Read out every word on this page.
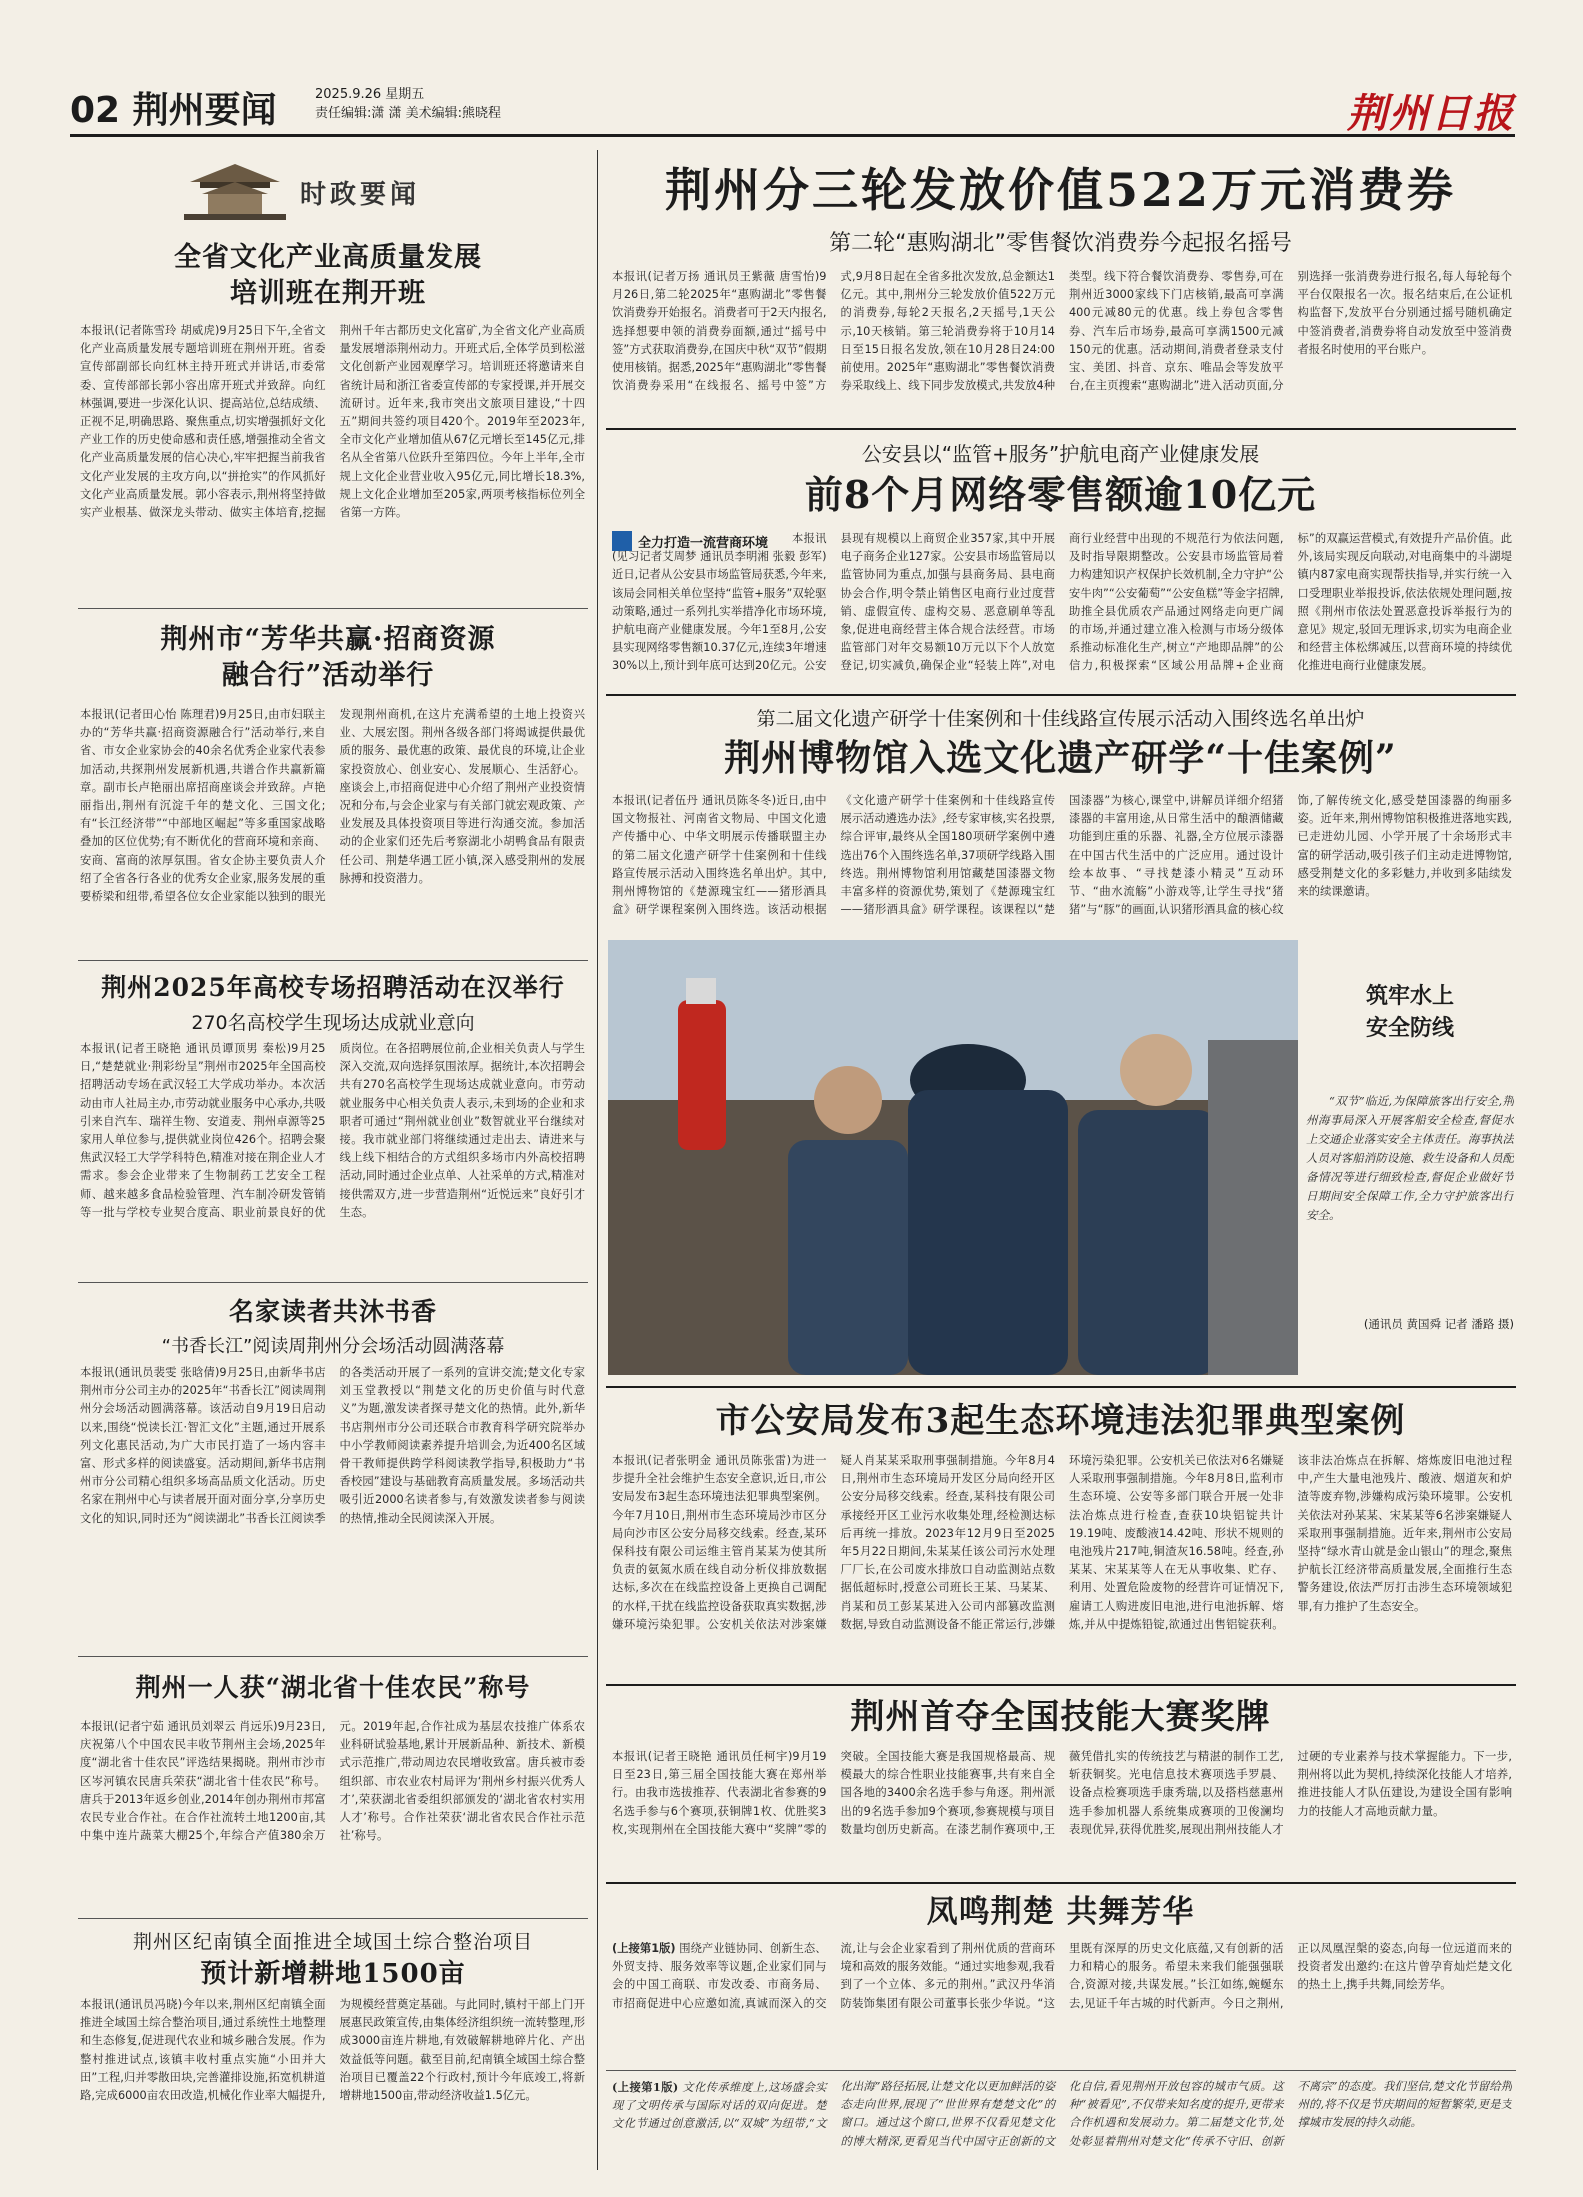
02 荆州要闻	2025.9.26 星期五
责任编辑:潇 潇 美术编辑:熊晓程	荆州日报
时政要闻
全省文化产业高质量发展
培训班在荆开班
本报讯(记者陈雪玲 胡威虎)9月25日下午,全省文化产业高质量发展专题培训班在荆州开班。省委宣传部副部长向红林主持开班式并讲话,市委常委、宣传部部长郭小容出席开班式并致辞。向红林强调,要进一步深化认识、提高站位,总结成绩、正视不足,明确思路、聚焦重点,切实增强抓好文化产业工作的历史使命感和责任感,增强推动全省文化产业高质量发展的信心决心,牢牢把握当前我省文化产业发展的主攻方向,以“拼抢实”的作风抓好文化产业高质量发展。郭小容表示,荆州将坚持做实产业根基、做深龙头带动、做实主体培育,挖掘荆州千年古都历史文化富矿,为全省文化产业高质量发展增添荆州动力。开班式后,全体学员到松滋文化创新产业园观摩学习。培训班还将邀请来自省统计局和浙江省委宣传部的专家授课,并开展交流研讨。近年来,我市突出文旅项目建设,“十四五”期间共签约项目420个。2019年至2023年,全市文化产业增加值从67亿元增长至145亿元,排名从全省第八位跃升至第四位。今年上半年,全市规上文化企业营业收入95亿元,同比增长18.3%,规上文化企业增加至205家,两项考核指标位列全省第一方阵。
荆州市“芳华共赢·招商资源
融合行”活动举行
本报讯(记者田心怡 陈理君)9月25日,由市妇联主办的“芳华共赢·招商资源融合行”活动举行,来自省、市女企业家协会的40余名优秀企业家代表参加活动,共探荆州发展新机遇,共谱合作共赢新篇章。副市长卢艳丽出席招商座谈会并致辞。卢艳丽指出,荆州有沉淀千年的楚文化、三国文化;有“长江经济带”“中部地区崛起”等多重国家战略叠加的区位优势;有不断优化的营商环境和亲商、安商、富商的浓厚氛围。省女企协主要负责人介绍了全省各行各业的优秀女企业家,服务发展的重要桥梁和纽带,希望各位女企业家能以独到的眼光发现荆州商机,在这片充满希望的土地上投资兴业、大展宏图。荆州各级各部门将竭诚提供最优质的服务、最优惠的政策、最优良的环境,让企业家投资放心、创业安心、发展顺心、生活舒心。座谈会上,市招商促进中心介绍了荆州产业投资情况和分布,与会企业家与有关部门就宏观政策、产业发展及具体投资项目等进行沟通交流。参加活动的企业家们还先后考察湖北小胡鸭食品有限责任公司、荆楚华遇工匠小镇,深入感受荆州的发展脉搏和投资潜力。
荆州2025年高校专场招聘活动在汉举行
270名高校学生现场达成就业意向
本报讯(记者王晓艳 通讯员谭顶男 秦松)9月25日,“楚楚就业·荆彩纷呈”荆州市2025年全国高校招聘活动专场在武汉轻工大学成功举办。本次活动由市人社局主办,市劳动就业服务中心承办,共吸引来自汽车、瑞祥生物、安道麦、荆州卓源等25家用人单位参与,提供就业岗位426个。招聘会聚焦武汉轻工大学学科特色,精准对接在荆企业人才需求。参会企业带来了生物制药工艺安全工程师、越来越多食品检验管理、汽车制冷研发管销等一批与学校专业契合度高、职业前景良好的优质岗位。在各招聘展位前,企业相关负责人与学生深入交流,双向选择氛围浓厚。据统计,本次招聘会共有270名高校学生现场达成就业意向。市劳动就业服务中心相关负责人表示,未到场的企业和求职者可通过“荆州就业创业”数智就业平台继续对接。我市就业部门将继续通过走出去、请进来与线上线下相结合的方式组织多场市内外高校招聘活动,同时通过企业点单、人社采单的方式,精准对接供需双方,进一步营造荆州“近悦远来”良好引才生态。
名家读者共沐书香
“书香长江”阅读周荆州分会场活动圆满落幕
本报讯(通讯员裴雯 张晗倩)9月25日,由新华书店荆州市分公司主办的2025年“书香长江”阅读周荆州分会场活动圆满落幕。该活动自9月19日启动以来,围绕“悦读长江·智汇文化”主题,通过开展系列文化惠民活动,为广大市民打造了一场内容丰富、形式多样的阅读盛宴。活动期间,新华书店荆州市分公司精心组织多场高品质文化活动。历史名家在荆州中心与读者展开面对面分享,分享历史文化的知识,同时还为“阅读湖北”书香长江阅读季的各类活动开展了一系列的宣讲交流;楚文化专家刘玉堂教授以“荆楚文化的历史价值与时代意义”为题,激发读者探寻楚文化的热情。此外,新华书店荆州市分公司还联合市教育科学研究院举办中小学教师阅读素养提升培训会,为近400名区域骨干教师提供跨学科阅读教学指导,积极助力“书香校园”建设与基础教育高质量发展。多场活动共吸引近2000名读者参与,有效激发读者参与阅读的热情,推动全民阅读深入开展。
荆州一人获“湖北省十佳农民”称号
本报讯(记者宁茹 通讯员刘翠云 肖远乐)9月23日,庆祝第八个中国农民丰收节荆州主会场,2025年度“湖北省十佳农民”评选结果揭晓。荆州市沙市区岑河镇农民唐兵荣获“湖北省十佳农民”称号。唐兵于2013年返乡创业,2014年创办荆州市邦富农民专业合作社。在合作社流转土地1200亩,其中集中连片蔬菜大棚25个,年综合产值380余万元。2019年起,合作社成为基层农技推广体系农业科研试验基地,累计开展新品种、新技术、新模式示范推广,带动周边农民增收致富。唐兵被市委组织部、市农业农村局评为‘荆州乡村振兴优秀人才’,荣获湖北省委组织部颁发的‘湖北省农村实用人才’称号。合作社荣获‘湖北省农民合作社示范社’称号。
荆州区纪南镇全面推进全域国土综合整治项目
预计新增耕地1500亩
本报讯(通讯员冯晓)今年以来,荆州区纪南镇全面推进全域国土综合整治项目,通过系统性土地整理和生态修复,促进现代农业和城乡融合发展。作为整村推进试点,该镇丰收村重点实施“小田并大田”工程,归并零散田块,完善灌排设施,拓宽机耕道路,完成6000亩农田改造,机械化作业率大幅提升,为规模经营奠定基础。与此同时,镇村干部上门开展惠民政策宣传,由集体经济组织统一流转整理,形成3000亩连片耕地,有效破解耕地碎片化、产出效益低等问题。截至目前,纪南镇全域国土综合整治项目已覆盖22个行政村,预计今年底竣工,将新增耕地1500亩,带动经济收益1.5亿元。
荆州分三轮发放价值522万元消费券
第二轮“惠购湖北”零售餐饮消费券今起报名摇号
本报讯(记者万扬 通讯员王紫薇 唐雪怡)9月26日,第二轮2025年“惠购湖北”零售餐饮消费券开始报名。消费者可于2天内报名,选择想要申领的消费券面额,通过“摇号中签”方式获取消费券,在国庆中秋“双节”假期使用核销。据悉,2025年“惠购湖北”零售餐饮消费券采用“在线报名、摇号中签”方式,9月8日起在全省多批次发放,总金额达1亿元。其中,荆州分三轮发放价值522万元的消费券,每轮2天报名,2天摇号,1天公示,10天核销。第三轮消费券将于10月14日至15日报名发放,领在10月28日24:00前使用。2025年“惠购湖北”零售餐饮消费券采取线上、线下同步发放模式,共发放4种类型。线下符合餐饮消费券、零售券,可在荆州近3000家线下门店核销,最高可享满400元减80元的优惠。线上券包含零售券、汽车后市场券,最高可享满1500元减150元的优惠。活动期间,消费者登录支付宝、美团、抖音、京东、唯品会等发放平台,在主页搜索“惠购湖北”进入活动页面,分别选择一张消费券进行报名,每人每轮每个平台仅限报名一次。报名结束后,在公证机构监督下,发放平台分别通过摇号随机确定中签消费者,消费券将自动发放至中签消费者报名时使用的平台账户。
公安县以“监管+服务”护航电商产业健康发展
前8个月网络零售额逾10亿元
全力打造一流营商环境	本报讯(见习记者艾周梦 通讯员李明湘 张毅 彭军)近日,记者从公安县市场监管局获悉,今年来,该局会同相关单位坚持“监管+服务”双轮驱动策略,通过一系列扎实举措净化市场环境,护航电商产业健康发展。今年1至8月,公安县实现网络零售额10.37亿元,连续3年增速30%以上,预计到年底可达到20亿元。公安县现有规模以上商贸企业357家,其中开展电子商务企业127家。公安县市场监管局以监管协同为重点,加强与县商务局、县电商协会合作,明令禁止销售区电商行业过度营销、虚假宣传、虚构交易、恶意刷单等乱象,促进电商经营主体合规合法经营。市场监管部门对年交易额10万元以下个人放宽登记,切实减负,确保企业“轻装上阵”,对电商行业经营中出现的不规范行为依法问题,及时指导限期整改。公安县市场监管局着力构建知识产权保护长效机制,全力守护“公安牛肉”“公安葡萄”“公安鱼糕”等金字招牌,助推全县优质农产品通过网络走向更广阔的市场,并通过建立准入检测与市场分级体系推动标准化生产,树立“产地即品牌”的公信力,积极探索“区域公用品牌+企业商标”的双赢运营模式,有效提升产品价值。此外,该局实现反向联动,对电商集中的斗湖堤镇内87家电商实现帮扶指导,并实行统一入口受理职业举报投诉,依法依规处理问题,按照《荆州市依法处置恶意投诉举报行为的意见》规定,驳回无理诉求,切实为电商企业和经营主体松绑减压,以营商环境的持续优化推进电商行业健康发展。
第二届文化遗产研学十佳案例和十佳线路宣传展示活动入围终选名单出炉
荆州博物馆入选文化遗产研学“十佳案例”
本报讯(记者伍丹 通讯员陈冬冬)近日,由中国文物报社、河南省文物局、中国文化遗产传播中心、中华文明展示传播联盟主办的第二届文化遗产研学十佳案例和十佳线路宣传展示活动入围终选名单出炉。其中,荆州博物馆的《楚源瑰宝红——猪形酒具盒》研学课程案例入围终选。该活动根据《文化遗产研学十佳案例和十佳线路宣传展示活动遴选办法》,经专家审核,实名投票,综合评审,最终从全国180项研学案例中遴选出76个入围终选名单,37项研学线路入围终选。荆州博物馆利用馆藏楚国漆器文物丰富多样的资源优势,策划了《楚源瑰宝红——猪形酒具盒》研学课程。该课程以“楚国漆器”为核心,课堂中,讲解员详细介绍猪漆器的丰富用途,从日常生活中的酿酒储藏功能到庄重的乐器、礼器,全方位展示漆器在中国古代生活中的广泛应用。通过设计绘本故事、“寻找楚漆小精灵”互动环节、“曲水流觞”小游戏等,让学生寻找“猪猪”与“豚”的画面,认识猪形酒具盒的核心纹饰,了解传统文化,感受楚国漆器的绚丽多姿。近年来,荆州博物馆积极推进落地实践,已走进幼儿园、小学开展了十余场形式丰富的研学活动,吸引孩子们主动走进博物馆,感受荆楚文化的多彩魅力,并收到多陆续发来的续课邀请。
筑牢水上
安全防线
“双节”临近,为保障旅客出行安全,荆州海事局深入开展客船安全检查,督促水上交通企业落实安全主体责任。海事执法人员对客船消防设施、救生设备和人员配备情况等进行细致检查,督促企业做好节日期间安全保障工作,全力守护旅客出行安全。
(通讯员 黄国舜 记者 潘路 摄)
市公安局发布3起生态环境违法犯罪典型案例
本报讯(记者张明金 通讯员陈张雷)为进一步提升全社会维护生态安全意识,近日,市公安局发布3起生态环境违法犯罪典型案例。今年7月10日,荆州市生态环境局沙市区分局向沙市区公安分局移交线索。经查,某环保科技有限公司运维主管肖某某为使其所负责的氨氮水质在线自动分析仪排放数据达标,多次在在线监控设备上更换自己调配的水样,干扰在线监控设备获取真实数据,涉嫌环境污染犯罪。公安机关依法对涉案嫌疑人肖某某采取刑事强制措施。今年8月4日,荆州市生态环境局开发区分局向经开区公安分局移交线索。经查,某科技有限公司承接经开区工业污水收集处理,经检测达标后再统一排放。2023年12月9日至2025年5月22日期间,朱某某任该公司污水处理厂厂长,在公司废水排放口自动监测站点数据低超标时,授意公司班长王某、马某某、肖某和员工彭某某进入公司内部篡改监测数据,导致自动监测设备不能正常运行,涉嫌环境污染犯罪。公安机关已依法对6名嫌疑人采取刑事强制措施。今年8月8日,监利市生态环境、公安等多部门联合开展一处非法冶炼点进行检查,查获10块铝锭共计19.19吨、废酸液14.42吨、形状不规则的电池残片217吨,铜渣灰16.58吨。经查,孙某某、宋某某等人在无从事收集、贮存、利用、处置危险废物的经营许可证情况下,雇请工人购进废旧电池,进行电池拆解、熔炼,并从中提炼铅锭,欲通过出售铝锭获利。该非法冶炼点在拆解、熔炼废旧电池过程中,产生大量电池残片、酸液、烟道灰和炉渣等废弃物,涉嫌构成污染环境罪。公安机关依法对孙某某、宋某某等6名涉案嫌疑人采取刑事强制措施。近年来,荆州市公安局坚持“绿水青山就是金山银山”的理念,聚焦护航长江经济带高质量发展,全面推行生态警务建设,依法严厉打击涉生态环境领域犯罪,有力推护了生态安全。
荆州首夺全国技能大赛奖牌
本报讯(记者王晓艳 通讯员任柯宇)9月19日至23日,第三届全国技能大赛在郑州举行。由我市选拔推荐、代表湖北省参赛的9名选手参与6个赛项,获铜牌1枚、优胜奖3枚,实现荆州在全国技能大赛中“奖牌”零的突破。全国技能大赛是我国规格最高、规模最大的综合性职业技能赛事,共有来自全国各地的3400余名选手参与角逐。荆州派出的9名选手参加9个赛项,参赛规模与项目数量均创历史新高。在漆艺制作赛项中,王薇凭借扎实的传统技艺与精湛的制作工艺,斩获铜奖。光电信息技术赛项选手罗晨、设备点检赛项选手康秀瑞,以及搭档慈惠州选手参加机器人系统集成赛项的卫俊澜均表现优异,获得优胜奖,展现出荆州技能人才过硬的专业素养与技术掌握能力。下一步,荆州将以此为契机,持续深化技能人才培养,推进技能人才队伍建设,为建设全国有影响力的技能人才高地贡献力量。
凤鸣荆楚 共舞芳华
(上接第1版) 围绕产业链协同、创新生态、外贸支持、服务效率等议题,企业家们同与会的中国工商联、市发改委、市商务局、市招商促进中心应邀如流,真诚而深入的交流,让与会企业家看到了荆州优质的营商环境和高效的服务效能。“通过实地参观,我看到了一个立体、多元的荆州。”武汉丹华消防装饰集团有限公司董事长张少华说。“这里既有深厚的历史文化底蕴,又有创新的活力和精心的服务。希望未来我们能强强联合,资源对接,共谋发展。”长江如练,蜿蜒东去,见证千年古城的时代新声。今日之荆州,正以凤凰涅槃的姿态,向每一位远道而来的投资者发出邀约:在这片曾孕育灿烂楚文化的热土上,携手共舞,同绘芳华。
(上接第1版) 文化传承维度上,这场盛会实现了文明传承与国际对话的双向促进。楚文化节通过创意激活,以“双城”为纽带,“文化出海”路径拓展,让楚文化以更加鲜活的姿态走向世界,展现了“世世界有楚楚文化”的窗口。通过这个窗口,世界不仅看见楚文化的博大精深,更看见当代中国守正创新的文化自信,看见荆州开放包容的城市气质。这种“被看见”,不仅带来知名度的提升,更带来合作机遇和发展动力。第二届楚文化节,处处彰显着荆州对楚文化“传承不守旧、创新不离宗”的态度。我们坚信,楚文化节留给荆州的,将不仅是节庆期间的短暂繁荣,更是支撑城市发展的持久动能。
